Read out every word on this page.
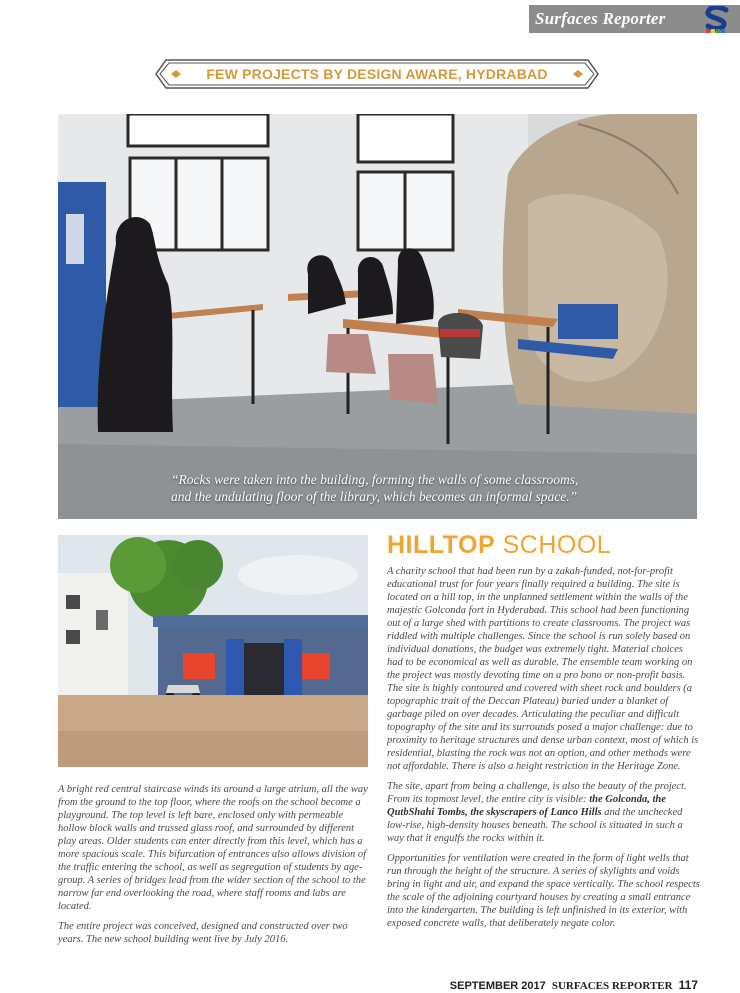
Surfaces Reporter
FEW PROJECTS BY DESIGN AWARE, HYDRABAD
“Rocks were taken into the building, forming the walls of some classrooms, and the undulating floor of the library, which becomes an informal space.”
HILLTOP SCHOOL

A charity school that had been run by a zakah-funded, not-for-profit educational trust for four years finally required a building. The site is located on a hill top, in the unplanned settlement within the walls of the majestic Golconda fort in Hyderabad. This school had been functioning out of a large shed with partitions to create classrooms. The project was riddled with multiple challenges. Since the school is run solely based on individual donations, the budget was extremely tight. Material choices had to be economical as well as durable. The ensemble team working on the project was mostly devoting time on a pro bono or non-profit basis. The site is highly contoured and covered with sheet rock and boulders (a topographic trait of the Deccan Plateau) buried under a blanket of garbage piled on over decades. Articulating the peculiar and difficult topography of the site and its surrounds posed a major challenge: due to proximity to heritage structures and dense urban context, most of which is residential, blasting the rock was not an option, and other methods were not affordable. There is also a height restriction in the Heritage Zone.

The site, apart from being a challenge, is also the beauty of the project. From its topmost level, the entire city is visible: the Golconda, the QutbShahi Tombs, the skyscrapers of Lanco Hills and the unchecked low-rise, high-density houses beneath. The school is situated in such a way that it engulfs the rocks within it.

Opportunities for ventilation were created in the form of light wells that run through the height of the structure. A series of skylights and voids bring in light and air, and expand the space vertically. The school respects the scale of the adjoining courtyard houses by creating a small entrance into the kindergarten. The building is left unfinished in its exterior, with exposed concrete walls, that deliberately negate color.

A bright red central staircase winds its around a large atrium, all the way from the ground to the top floor, where the roofs on the school become a playground. The top level is left bare, enclosed only with permeable hollow block walls and trussed glass roof, and surrounded by different play areas. Older students can enter directly from this level, which has a more spacious scale. This bifurcation of entrances also allows division of the traffic entering the school, as well as segregation of students by age-group. A series of bridges lead from the wider section of the school to the narrow far end overlooking the road, where staff rooms and labs are located.

The entire project was conceived, designed and constructed over two years. The new school building went live by July 2016.

SEPTEMBER 2017 SURFACES REPORTER 117
